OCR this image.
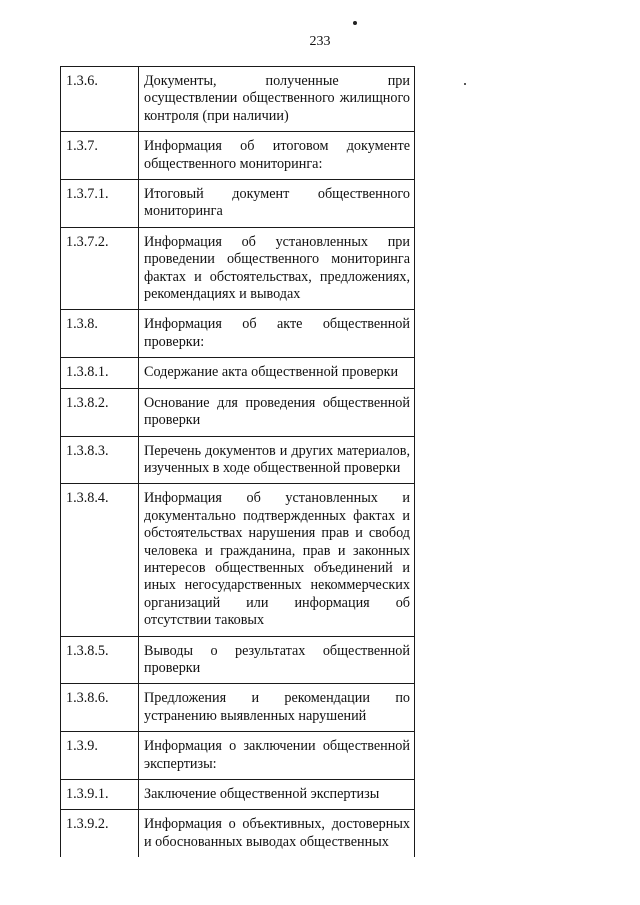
233
1.3.6.	Документы, полученные при осуществлении общественного жилищного контроля (при наличии)
1.3.7.	Информация об итоговом документе общественного мониторинга:
1.3.7.1.	Итоговый документ общественного мониторинга
1.3.7.2.	Информация об установленных при проведении общественного мониторинга фактах и обстоятельствах, предложениях, рекомендациях и выводах
1.3.8.	Информация об акте общественной проверки:
1.3.8.1.	Содержание акта общественной проверки
1.3.8.2.	Основание для проведения общественной проверки
1.3.8.3.	Перечень документов и других материалов, изученных в ходе общественной проверки
1.3.8.4.	Информация об установленных и документально подтвержденных фактах и обстоятельствах нарушения прав и свобод человека и гражданина, прав и законных интересов общественных объединений и иных негосударственных некоммерческих организаций или информация об отсутствии таковых
1.3.8.5.	Выводы о результатах общественной проверки
1.3.8.6.	Предложения и рекомендации по устранению выявленных нарушений
1.3.9.	Информация о заключении общественной экспертизы:
1.3.9.1.	Заключение общественной экспертизы
1.3.9.2.	Информация о объективных, достоверных и обоснованных выводах общественных
